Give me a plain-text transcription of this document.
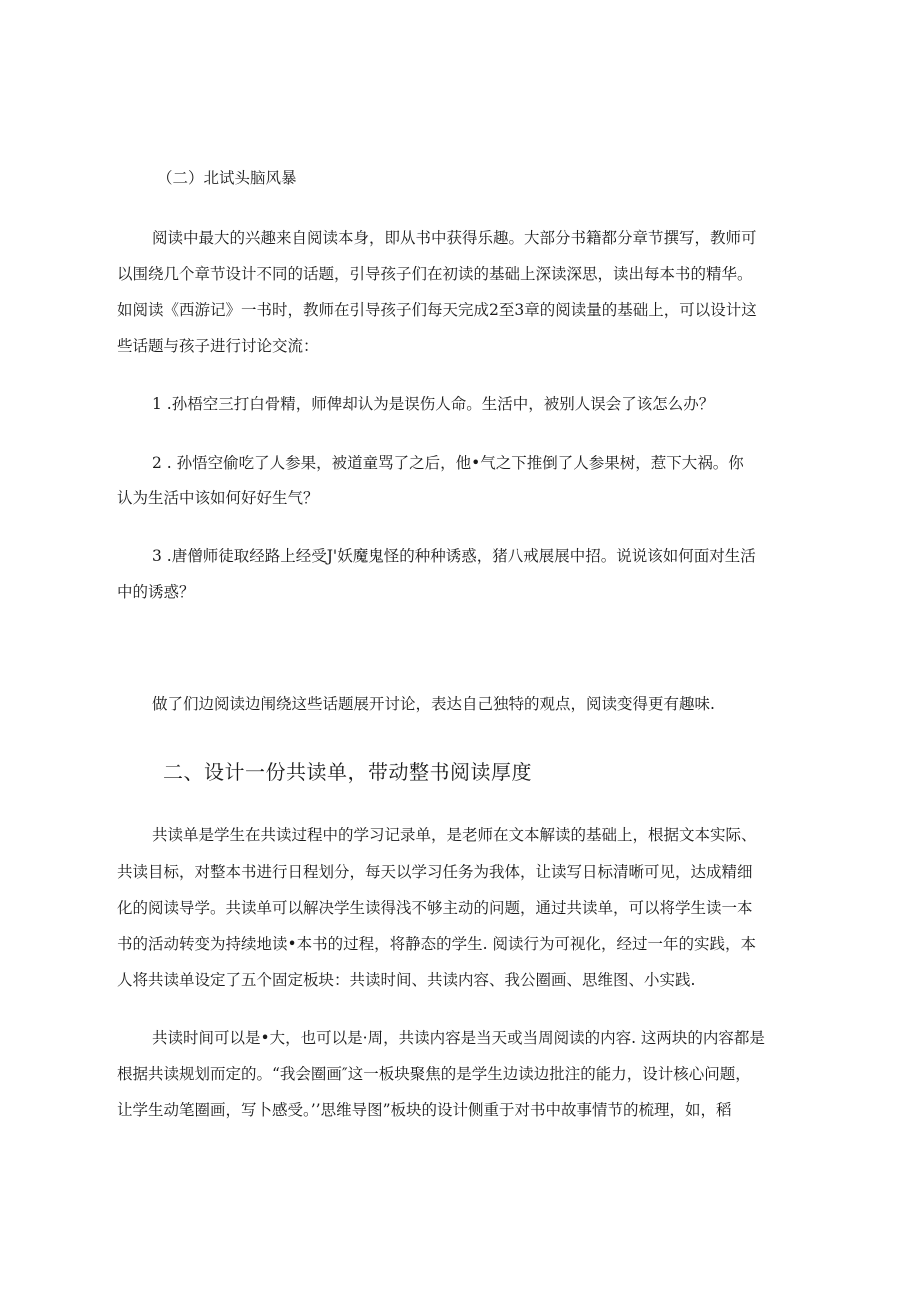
（二）北试头脑风暴
阅读中最大的兴趣来自阅读本身，即从书中获得乐趣。大部分书籍都分章节撰写，教师可
以围绕几个章节设计不同的话题，引导孩子们在初读的基础上深读深思，读出每本书的精华。
如阅读《西游记》一书时，教师在引导孩子们每天完成2至3章的阅读量的基础上，可以设计这
些话题与孩子进行讨论交流：
1 .孙梧空三打白骨精，师俾却认为是误伤人命。生活中，被别人误会了该怎么办？
2 . 孙悟空偷吃了人参果，被道童骂了之后，他•气之下推倒了人参果树，惹下大祸。你
认为生活中该如何好好生气？
3 .唐僧师徒取经路上经受J'妖魔鬼怪的种种诱惑，猪八戒展展中招。说说该如何面对生活
中的诱惑？
做了们边阅读边闱绕这些话题展开讨论，表达自己独特的观点，阅读变得更有趣味.
二、设计一份共读单，带动整书阅读厚度
共读单是学生在共读过程中的学习记录单，是老师在文本解读的基础上，根据文本实际、
共读目标，对整本书进行日程划分，每天以学习任务为我体，让读写日标清晰可见，达成精细
化的阅读导学。共读单可以解决学生读得浅不够主动的问题，通过共读单，可以将学生读一本
书的活动转变为持续地读•本书的过程，将静态的学生. 阅读行为可视化，经过一年的实践，本
人将共读单设定了五个固定板块：共读时间、共读内容、我公圈画、思维图、小实践.
共读时间可以是•大，也可以是·周，共读内容是当天或当周阅读的内容. 这两块的内容都是
根据共读规划而定的。“我会圈画″这一板块聚焦的是学生边读边批注的能力，设计核心问题，
让学生动笔圈画，写卜感受。’’思维导图”板块的设计侧重于对书中故事情节的梳理，如，稻
